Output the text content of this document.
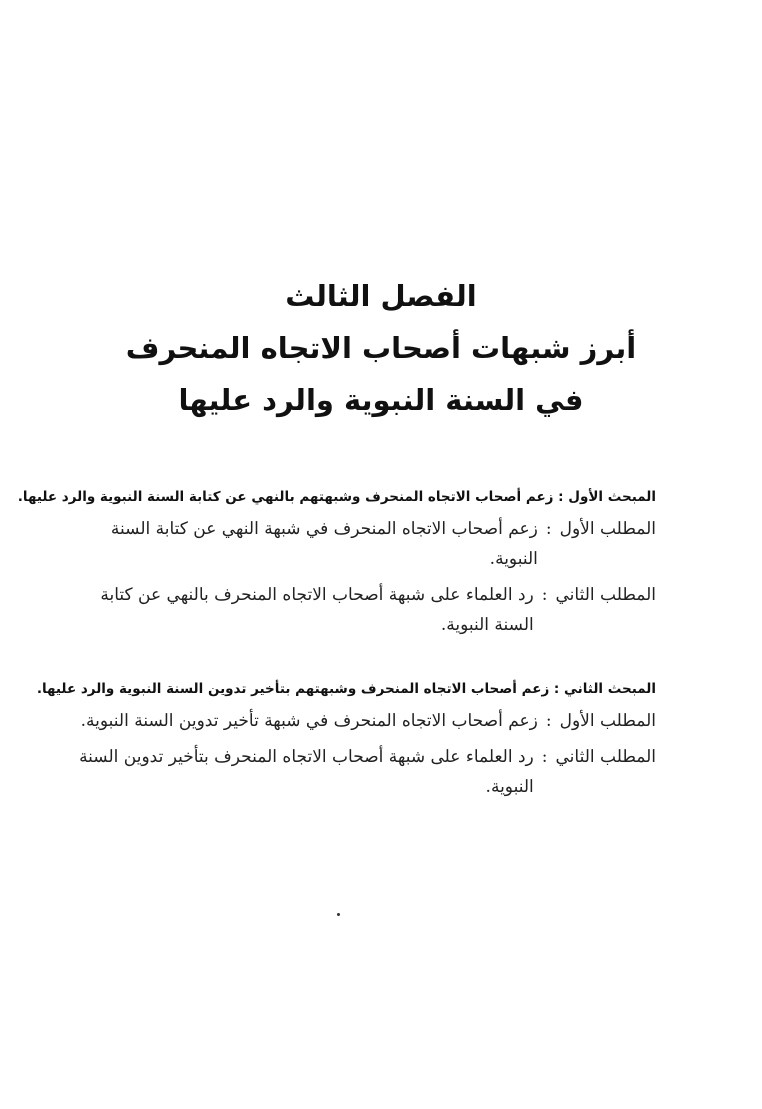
الفصل الثالث
أبرز شبهات أصحاب الاتجاه المنحرف
في السنة النبوية والرد عليها
المبحث الأول : زعم أصحاب الاتجاه المنحرف وشبهتهم بالنهي عن كتابة السنة النبوية والرد عليها.
المطلب الأول
:
زعم أصحاب الاتجاه المنحرف في شبهة النهي عن كتابة السنة النبوية.
المطلب الثاني
:
رد العلماء على شبهة أصحاب الاتجاه المنحرف بالنهي عن كتابة السنة النبوية.
المبحث الثاني : زعم أصحاب الاتجاه المنحرف وشبهتهم بتأخير تدوين السنة النبوية والرد عليها.
المطلب الأول
:
زعم أصحاب الاتجاه المنحرف في شبهة تأخير تدوين السنة النبوية.
المطلب الثاني
:
رد العلماء على شبهة أصحاب الاتجاه المنحرف بتأخير تدوين السنة النبوية.
